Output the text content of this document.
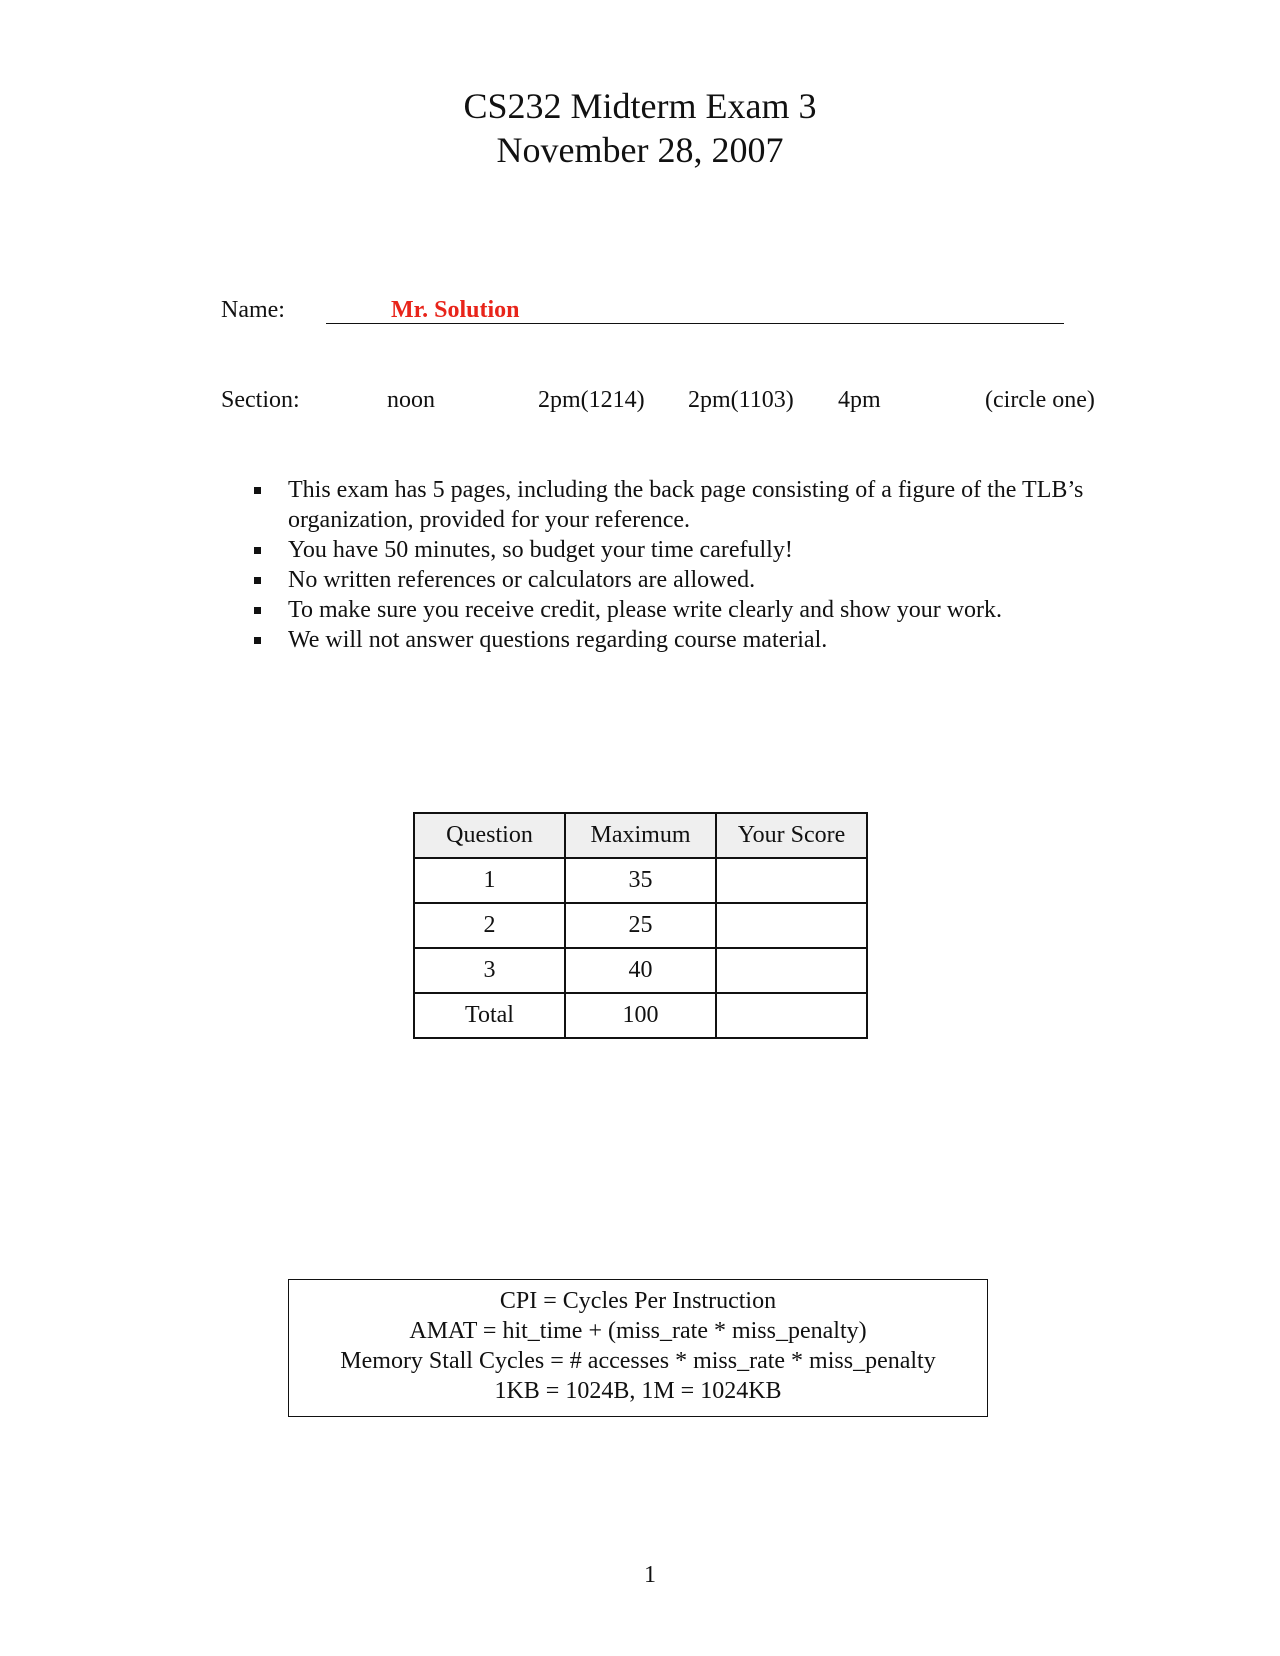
CS232 Midterm Exam 3
November 28, 2007
Name:	Mr. Solution
Section:	noon	2pm(1214) 2pm(1103) 4pm	(circle one)
This exam has 5 pages, including the back page consisting of a figure of the TLB’s organization, provided for your reference.
You have 50 minutes, so budget your time carefully!
No written references or calculators are allowed.
To make sure you receive credit, please write clearly and show your work.
We will not answer questions regarding course material.
Question	Maximum	Your Score
1	35	
2	25	
3	40	
Total	100	
CPI = Cycles Per Instruction
AMAT = hit_time + (miss_rate * miss_penalty)
Memory Stall Cycles = # accesses * miss_rate * miss_penalty
1KB = 1024B, 1M = 1024KB
1
